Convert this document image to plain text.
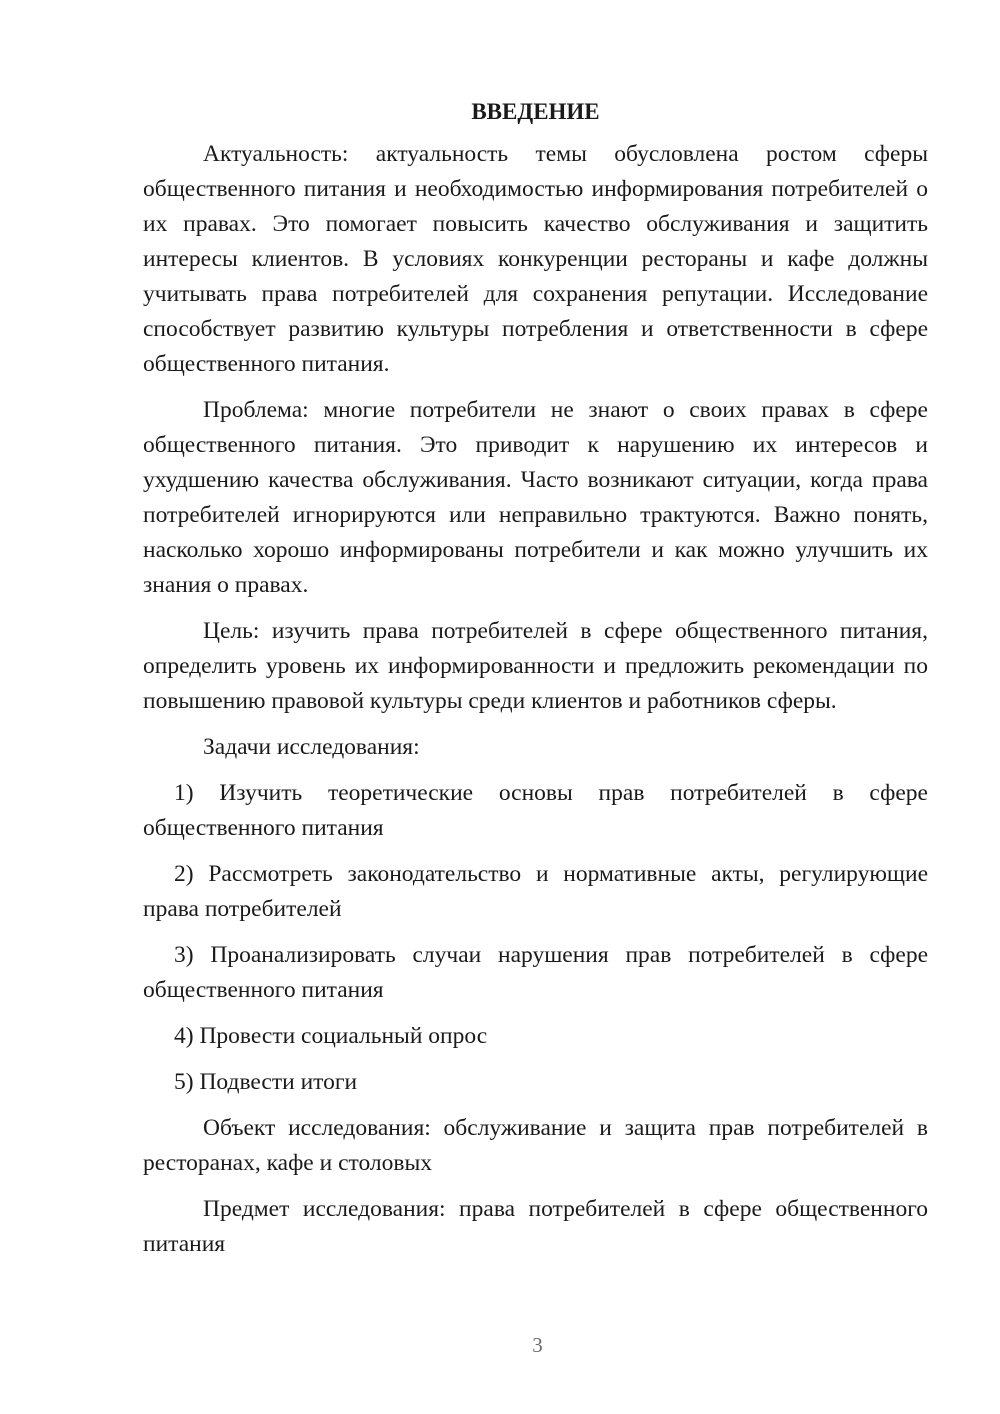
ВВЕДЕНИЕ

Актуальность: актуальность темы обусловлена ростом сферы общественного питания и необходимостью информирования потребителей о их правах. Это помогает повысить качество обслуживания и защитить интересы клиентов. В условиях конкуренции рестораны и кафе должны учитывать права потребителей для сохранения репутации. Исследование способствует развитию культуры потребления и ответственности в сфере общественного питания.

Проблема: многие потребители не знают о своих правах в сфере общественного питания. Это приводит к нарушению их интересов и ухудшению качества обслуживания. Часто возникают ситуации, когда права потребителей игнорируются или неправильно трактуются. Важно понять, насколько хорошо информированы потребители и как можно улучшить их знания о правах.

Цель: изучить права потребителей в сфере общественного питания, определить уровень их информированности и предложить рекомендации по повышению правовой культуры среди клиентов и работников сферы.

Задачи исследования:

1) Изучить теоретические основы прав потребителей в сфере общественного питания

2) Рассмотреть законодательство и нормативные акты, регулирующие права потребителей

3) Проанализировать случаи нарушения прав потребителей в сфере общественного питания

4) Провести социальный опрос

5) Подвести итоги

Объект исследования: обслуживание и защита прав потребителей в ресторанах, кафе и столовых

Предмет исследования: права потребителей в сфере общественного питания

3
